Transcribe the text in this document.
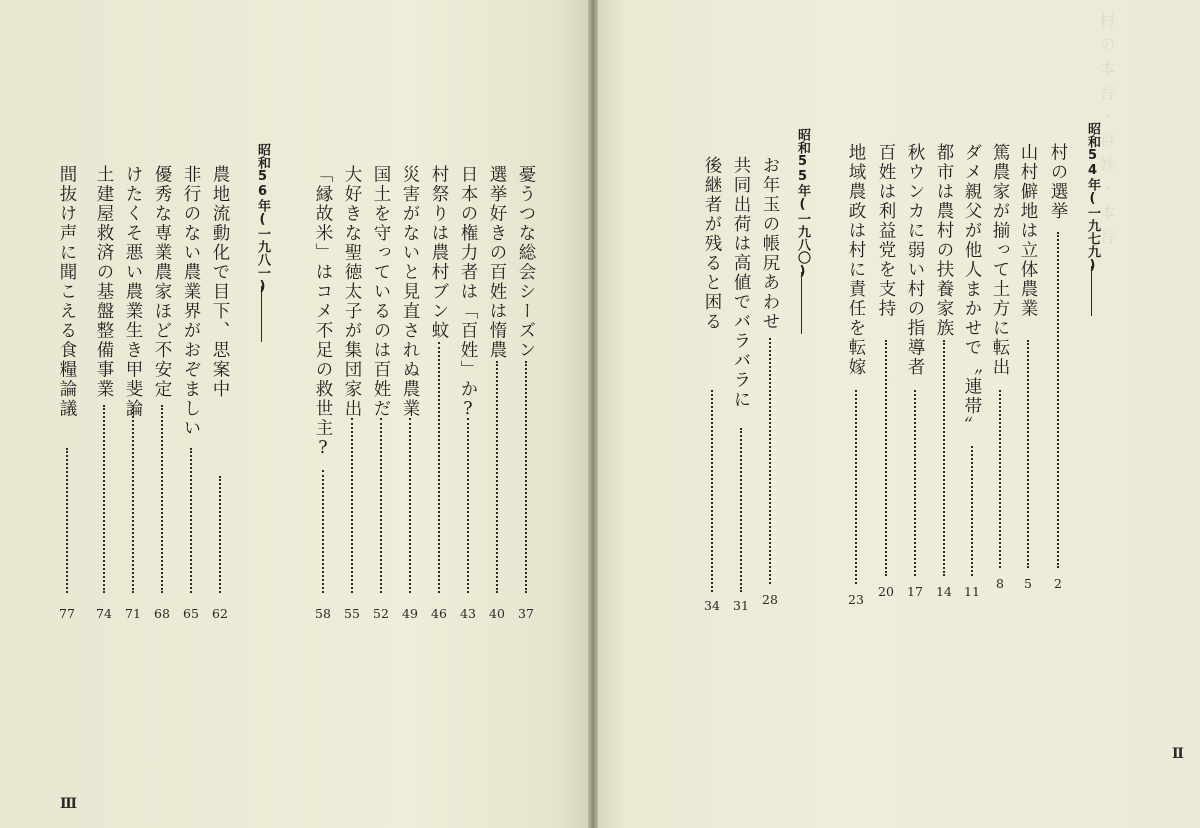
憂うつな総会シーズン
37
選挙好きの百姓は惰農
40
日本の権力者は「百姓」か?
43
村祭りは農村ブン蚊
46
災害がないと見直されぬ農業
49
国土を守っているのは百姓だ
52
大好きな聖徳太子が集団家出
55
「縁故米」はコメ不足の救世主?
58
昭和56年(一九八一)
農地流動化で目下、思案中
62
非行のない農業界がおぞましい
65
優秀な専業農家ほど不安定
68
けたくそ悪い農業生き甲斐論
71
土建屋救済の基盤整備事業
74
間抜け声に聞こえる食糧論議
77
Ⅲ
村の本音・百姓・本音
昭和54年(一九七九)
村の選挙
2
山村僻地は立体農業
5
篤農家が揃って土方に転出
8
ダメ親父が他人まかせで〝連帯〟
11
都市は農村の扶養家族
14
秋ウンカに弱い村の指導者
17
百姓は利益党を支持
20
地域農政は村に責任を転嫁
23
昭和55年(一九八〇)
お年玉の帳尻あわせ
28
共同出荷は高値でバラバラに
31
後継者が残ると困る
34
Ⅱ
